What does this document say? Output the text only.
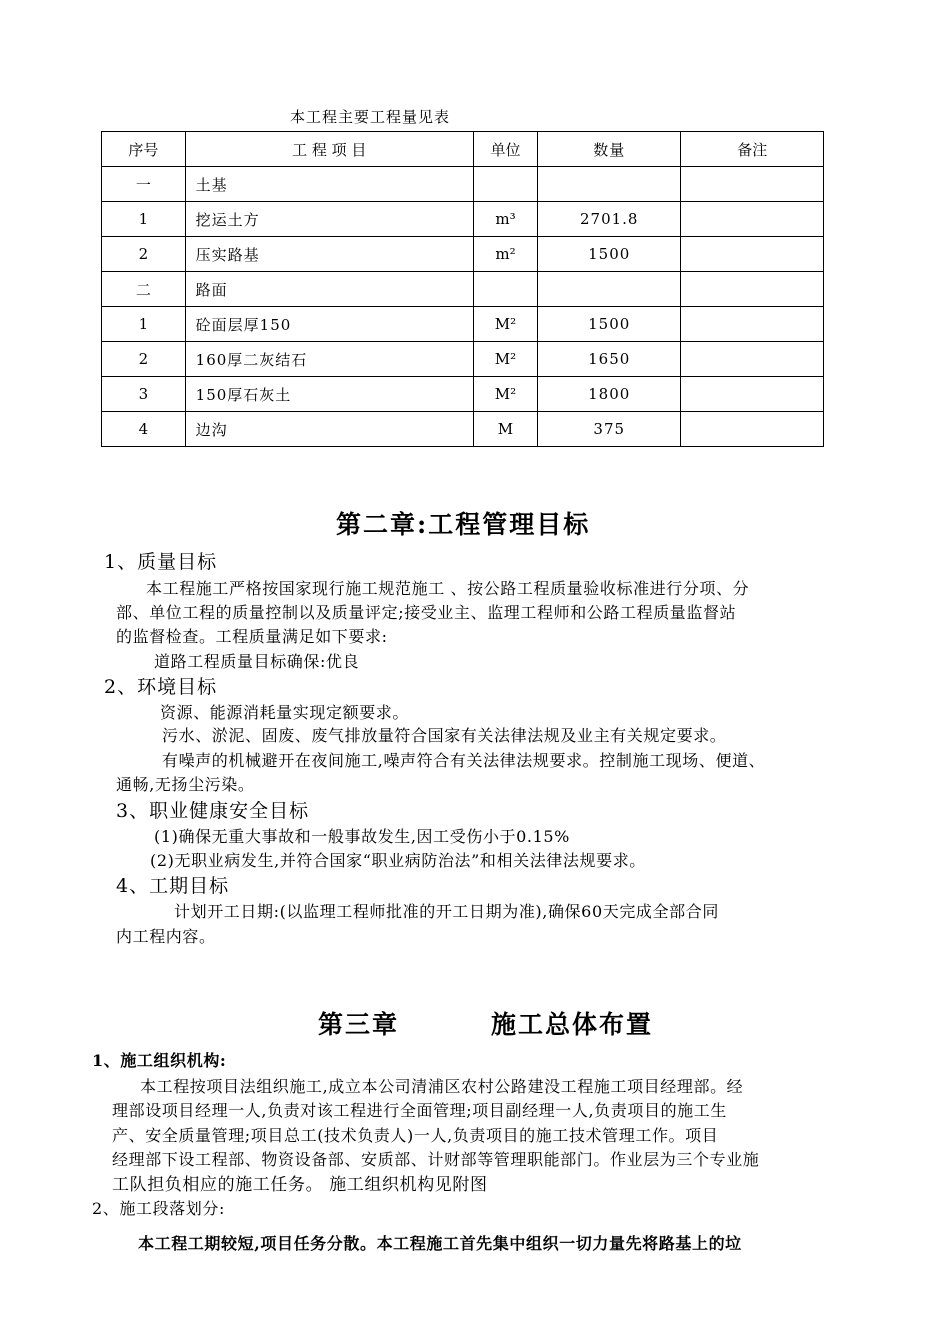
本工程主要工程量见表
序号	工 程 项 目	单位	数量	备注
一	土基			
1	挖运土方	m³	2701.8	
2	压实路基	m²	1500	
二	路面			
1	砼面层厚150	M²	1500	
2	160厚二灰结石	M²	1650	
3	150厚石灰土	M²	1800	
4	边沟	M	375	
第二章:工程管理目标
1、质量目标
本工程施工严格按国家现行施工规范施工 、按公路工程质量验收标准进行分项、分
部、单位工程的质量控制以及质量评定;接受业主、监理工程师和公路工程质量监督站
的监督检查。工程质量满足如下要求:
道路工程质量目标确保:优良
2、环境目标
资源、能源消耗量实现定额要求。
污水、淤泥、固废、废气排放量符合国家有关法律法规及业主有关规定要求。
有噪声的机械避开在夜间施工,噪声符合有关法律法规要求。控制施工现场、便道、
通畅,无扬尘污染。
3、职业健康安全目标
(1)确保无重大事故和一般事故发生,因工受伤小于0.15%
(2)无职业病发生,并符合国家“职业病防治法”和相关法律法规要求。
4、工期目标
计划开工日期:(以监理工程师批准的开工日期为准),确保60天完成全部合同
内工程内容。
第三章	施工总体布置
1、施工组织机构:
本工程按项目法组织施工,成立本公司清浦区农村公路建没工程施工项目经理部。经
理部设项目经理一人,负责对该工程进行全面管理;项目副经理一人,负责项目的施工生
产、安全质量管理;项目总工(技术负责人)一人,负责项目的施工技术管理工作。项目
经理部下设工程部、物资设备部、安质部、计财部等管理职能部门。作业层为三个专业施
工队担负相应的施工任务。 施工组织机构见附图
2、施工段落划分:
本工程工期较短,项目任务分散。本工程施工首先集中组织一切力量先将路基上的垃
